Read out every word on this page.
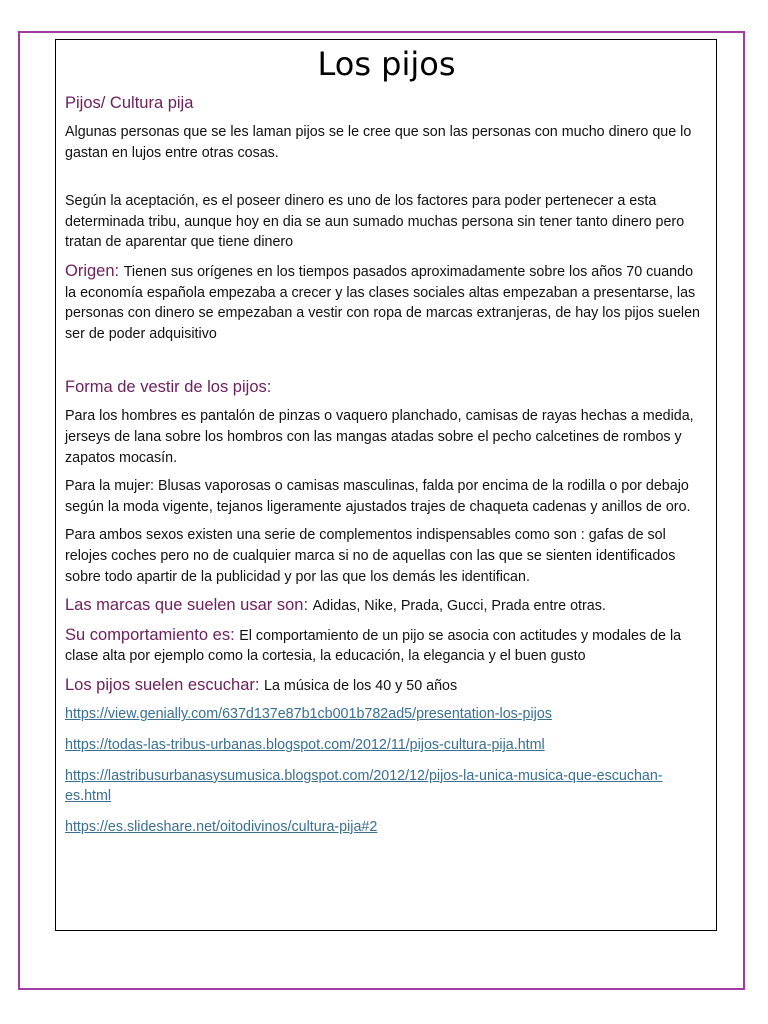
Los pijos
Pijos/ Cultura pija

Algunas personas que se les laman pijos se le cree que son las personas con mucho dinero que lo gastan en lujos entre otras cosas.

Según la aceptación, es el poseer dinero es uno de los factores para poder pertenecer a esta determinada tribu, aunque hoy en dia se aun sumado muchas persona sin tener tanto dinero pero tratan de aparentar que tiene dinero

Origen: Tienen sus orígenes en los tiempos pasados aproximadamente sobre los años 70 cuando la economía española empezaba a crecer y las clases sociales altas empezaban a presentarse, las personas con dinero se empezaban a vestir con ropa de marcas extranjeras, de hay los pijos suelen ser de poder adquisitivo

Forma de vestir de los pijos:

Para los hombres es pantalón de pinzas o vaquero planchado, camisas de rayas hechas a medida, jerseys de lana sobre los hombros con las mangas atadas sobre el pecho calcetines de rombos y zapatos mocasín.

Para la mujer: Blusas vaporosas o camisas masculinas, falda por encima de la rodilla o por debajo según la moda vigente, tejanos ligeramente ajustados trajes de chaqueta cadenas y anillos de oro.

Para ambos sexos existen una serie de complementos indispensables como son : gafas de sol relojes coches pero no de cualquier marca si no de aquellas con las que se sienten identificados sobre todo apartir de la publicidad y por las que los demás les identifican.

Las marcas que suelen usar son: Adidas, Nike, Prada, Gucci, Prada entre otras.

Su comportamiento es: El comportamiento de un pijo se asocia con actitudes y modales de la clase alta por ejemplo como la cortesia, la educación, la elegancia y el buen gusto

Los pijos suelen escuchar: La música de los 40 y 50 años

https://view.genially.com/637d137e87b1cb001b782ad5/presentation-los-pijos
https://todas-las-tribus-urbanas.blogspot.com/2012/11/pijos-cultura-pija.html
https://lastribusurbanasysumusica.blogspot.com/2012/12/pijos-la-unica-musica-que-escuchan-es.html
https://es.slideshare.net/oitodivinos/cultura-pija#2
